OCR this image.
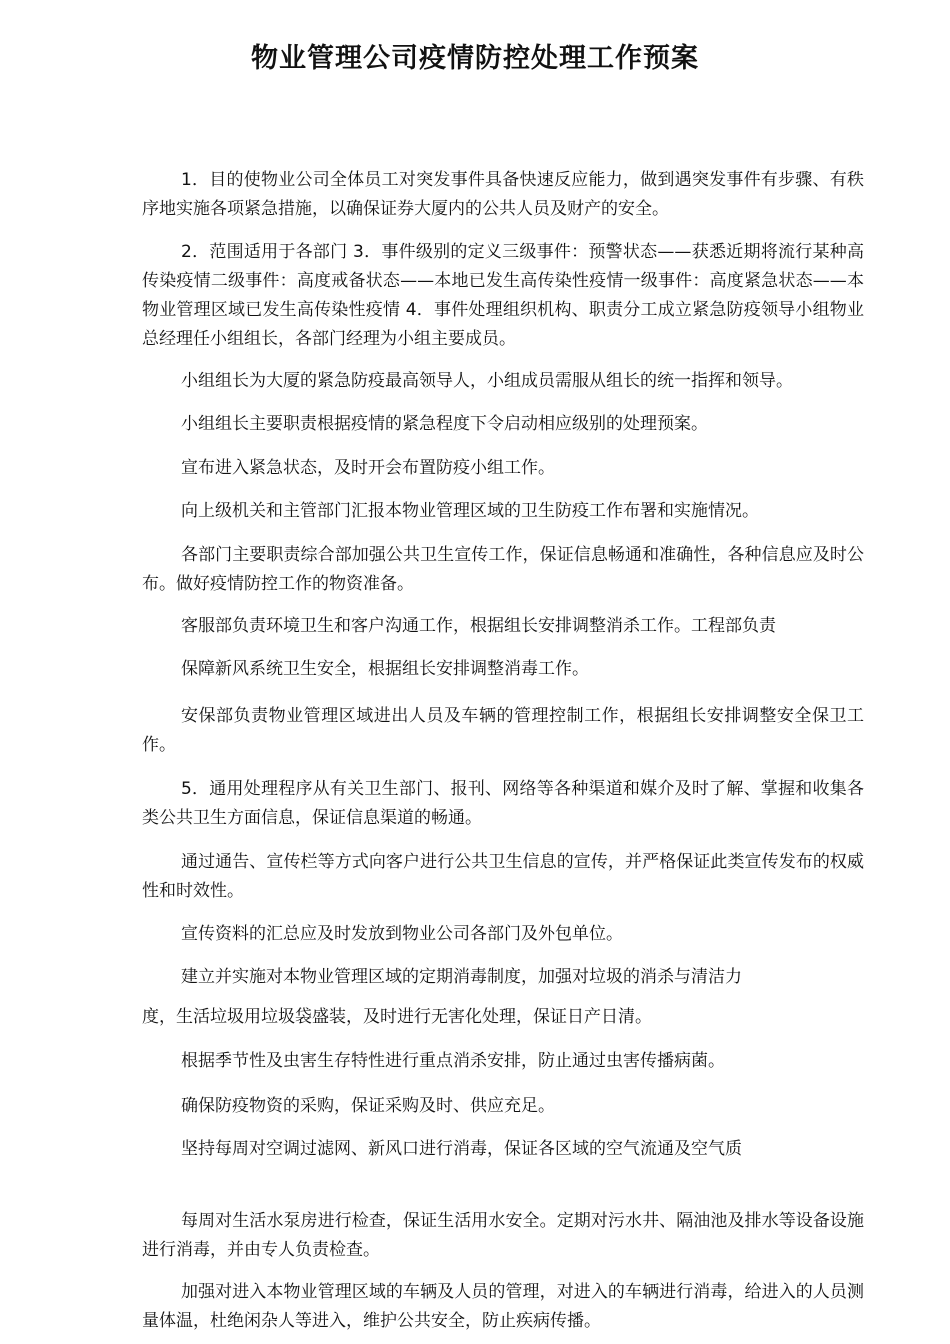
物业管理公司疫情防控处理工作预案

1．目的使物业公司全体员工对突发事件具备快速反应能力，做到遇突发事件有步骤、有秩序地实施各项紧急措施，以确保证券大厦内的公共人员及财产的安全。

2．范围适用于各部门 3．事件级别的定义三级事件：预警状态——获悉近期将流行某种高传染疫情二级事件：高度戒备状态——本地已发生高传染性疫情一级事件：高度紧急状态——本物业管理区域已发生高传染性疫情 4．事件处理组织机构、职责分工成立紧急防疫领导小组物业总经理任小组组长，各部门经理为小组主要成员。

小组组长为大厦的紧急防疫最高领导人，小组成员需服从组长的统一指挥和领导。

小组组长主要职责根据疫情的紧急程度下令启动相应级别的处理预案。

宣布进入紧急状态，及时开会布置防疫小组工作。

向上级机关和主管部门汇报本物业管理区域的卫生防疫工作布署和实施情况。

各部门主要职责综合部加强公共卫生宣传工作，保证信息畅通和准确性，各种信息应及时公布。做好疫情防控工作的物资准备。

客服部负责环境卫生和客户沟通工作，根据组长安排调整消杀工作。工程部负责

保障新风系统卫生安全，根据组长安排调整消毒工作。

安保部负责物业管理区域进出人员及车辆的管理控制工作，根据组长安排调整安全保卫工作。

5．通用处理程序从有关卫生部门、报刊、网络等各种渠道和媒介及时了解、掌握和收集各类公共卫生方面信息，保证信息渠道的畅通。

通过通告、宣传栏等方式向客户进行公共卫生信息的宣传，并严格保证此类宣传发布的权威性和时效性。

宣传资料的汇总应及时发放到物业公司各部门及外包单位。

建立并实施对本物业管理区域的定期消毒制度，加强对垃圾的消杀与清洁力

度，生活垃圾用垃圾袋盛装，及时进行无害化处理，保证日产日清。

根据季节性及虫害生存特性进行重点消杀安排，防止通过虫害传播病菌。

确保防疫物资的采购，保证采购及时、供应充足。

坚持每周对空调过滤网、新风口进行消毒，保证各区域的空气流通及空气质

每周对生活水泵房进行检查，保证生活用水安全。定期对污水井、隔油池及排水等设备设施进行消毒，并由专人负责检查。

加强对进入本物业管理区域的车辆及人员的管理，对进入的车辆进行消毒，给进入的人员测量体温，杜绝闲杂人等进入，维护公共安全，防止疾病传播。
